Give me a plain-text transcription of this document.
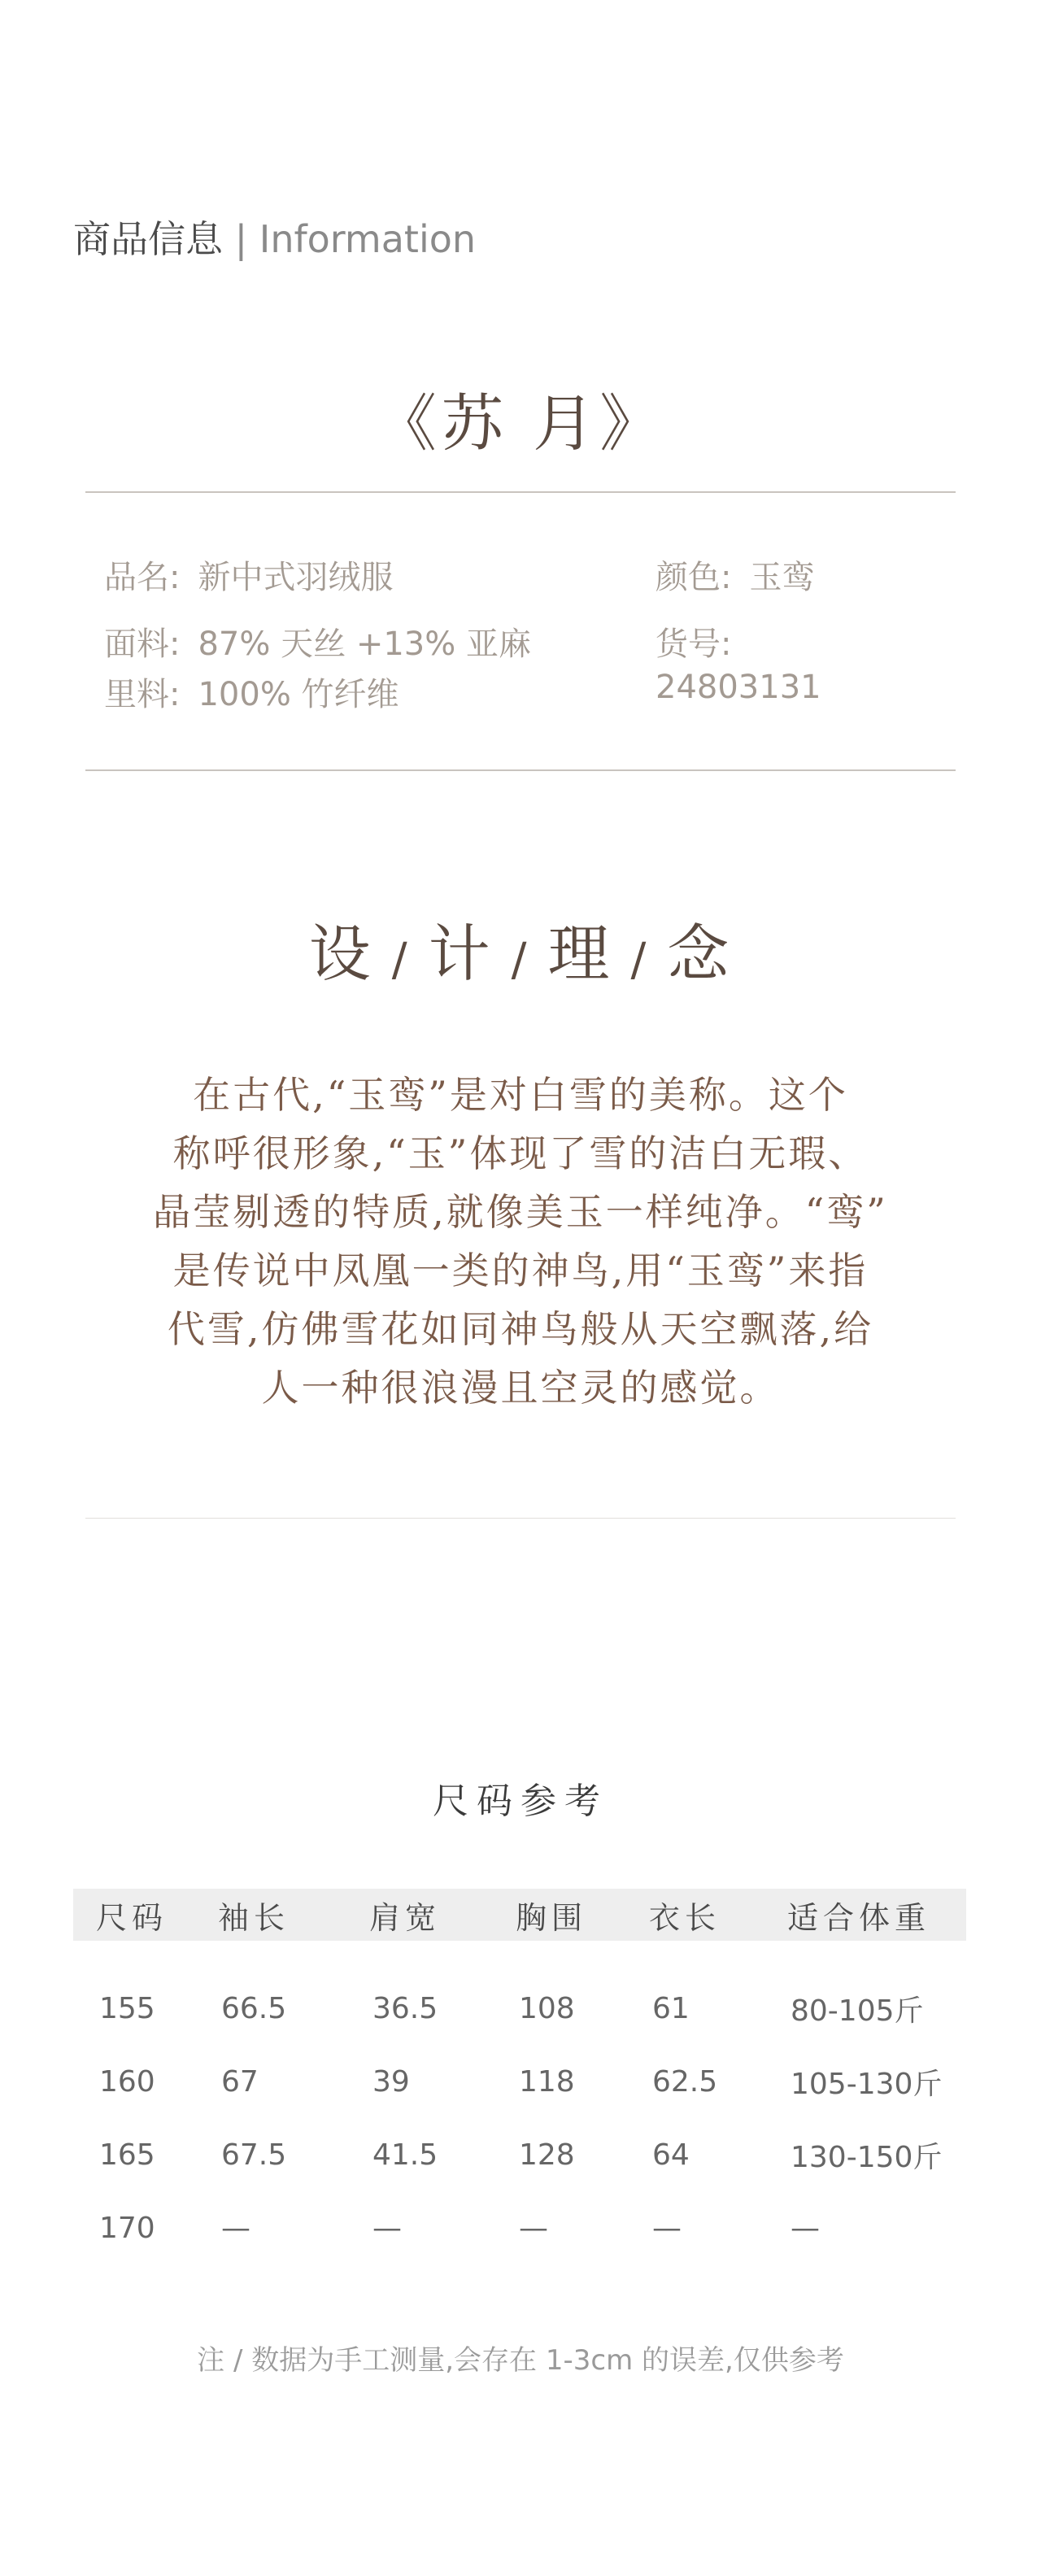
商品信息 | Information
《苏 月》
品名: 新中式羽绒服	颜色: 玉鸾
面料: 87% 天丝 +13% 亚麻	货号:
里料: 100% 竹纤维	24803131
设 / 计 / 理 / 念
在古代,“玉鸾”是对白雪的美称。这个
称呼很形象,“玉”体现了雪的洁白无瑕、
晶莹剔透的特质,就像美玉一样纯净。“鸾”
是传说中凤凰一类的神鸟,用“玉鸾”来指
代雪,仿佛雪花如同神鸟般从天空飘落,给
人一种很浪漫且空灵的感觉。
尺码参考
尺码	袖长	肩宽	胸围	衣长	适合体重
155	66.5	36.5	108	61	80-105斤
160	67	39	118	62.5	105-130斤
165	67.5	41.5	128	64	130-150斤
170	—	—	—	—	—
注 / 数据为手工测量,会存在 1-3cm 的误差,仅供参考
